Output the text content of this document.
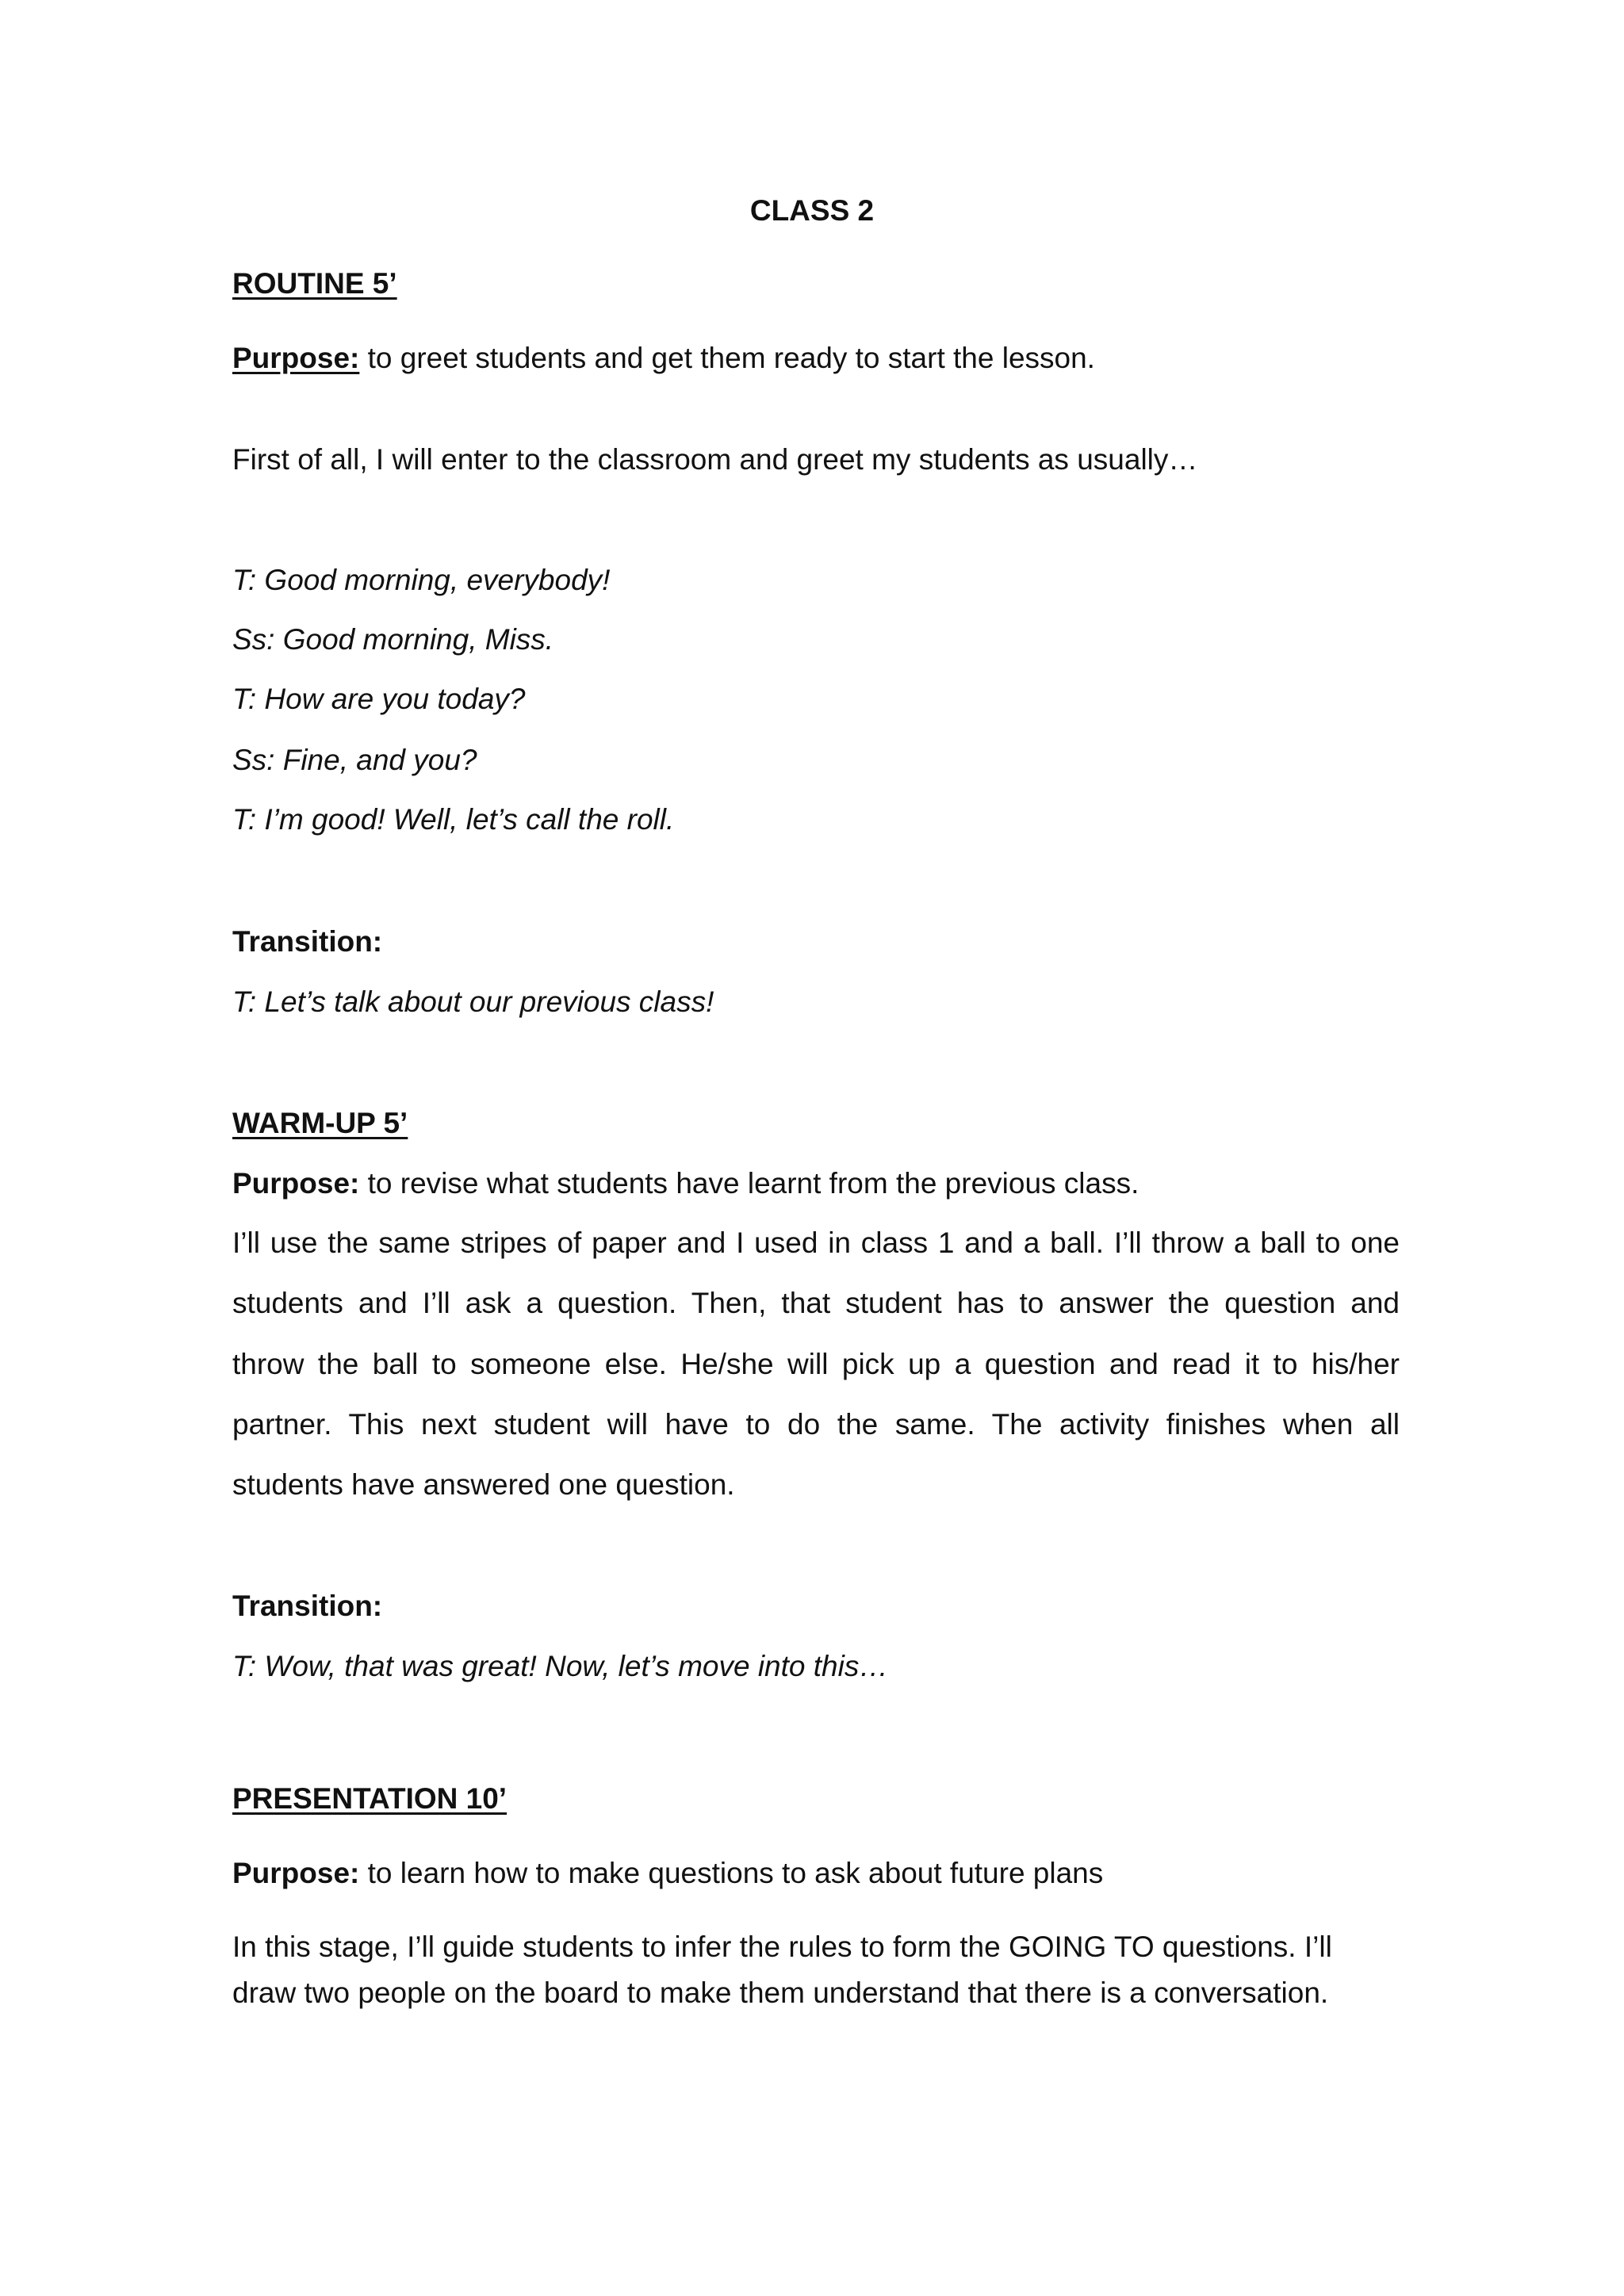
CLASS 2

ROUTINE 5’

Purpose: to greet students and get them ready to start the lesson.

First of all, I will enter to the classroom and greet my students as usually…

T: Good morning, everybody!

Ss: Good morning, Miss.

T: How are you today?

Ss: Fine, and you?

T: I’m good! Well, let’s call the roll.

Transition:

T: Let’s talk about our previous class!

WARM-UP 5’

Purpose: to revise what students have learnt from the previous class.

I’ll use the same stripes of paper and I used in class 1 and a ball. I’ll throw a ball to one

students and I’ll ask a question. Then, that student has to answer the question and

throw the ball to someone else. He/she will pick up a question and read it to his/her

partner. This next student will have to do the same. The activity finishes when all

students have answered one question.

Transition:

T: Wow, that was great! Now, let’s move into this…

PRESENTATION 10’

Purpose: to learn how to make questions to ask about future plans

In this stage, I’ll guide students to infer the rules to form the GOING TO questions. I’ll

draw two people on the board to make them understand that there is a conversation.
